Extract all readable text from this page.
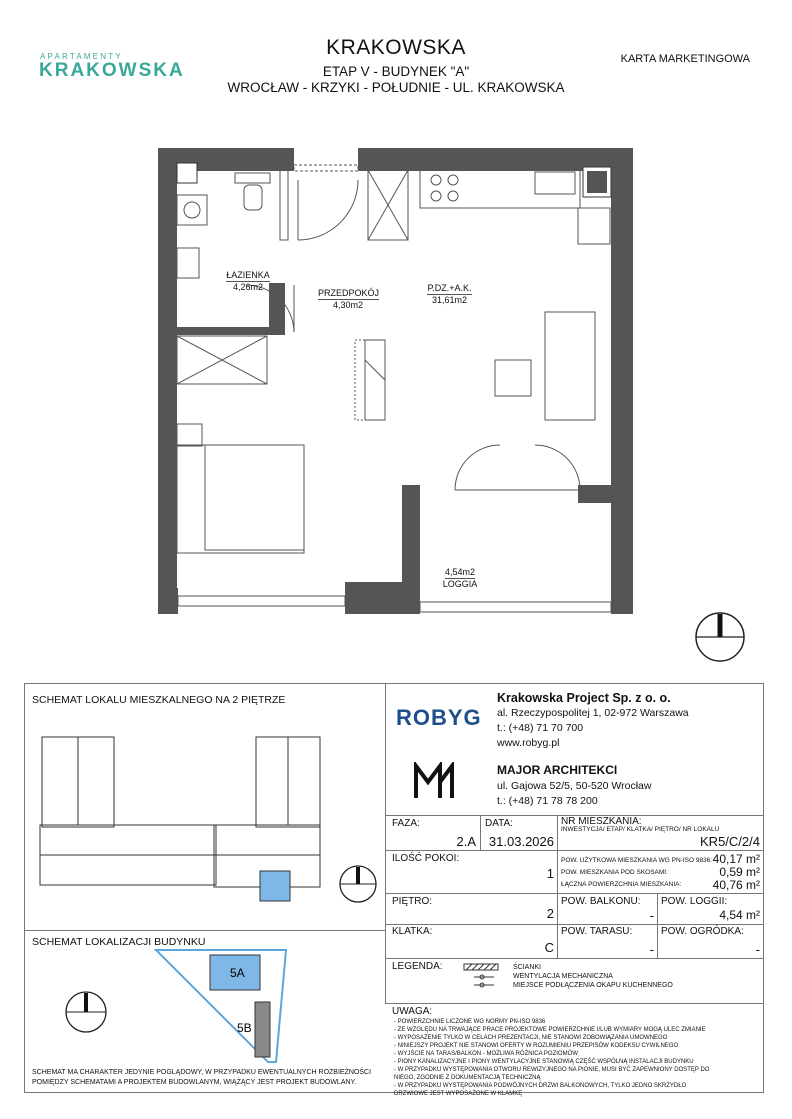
APARTAMENTY
KRAKOWSKA
KRAKOWSKA
ETAP V - BUDYNEK "A"
WROCŁAW - KRZYKI - POŁUDNIE - UL. KRAKOWSKA
KARTA MARKETINGOWA
ŁAZIENKA
4,26m2
PRZEDPOKÓJ
4,30m2
P.DZ.+A.K.
31,61m2
4,54m2
LOGGIA
SCHEMAT LOKALU MIESZKALNEGO NA 2 PIĘTRZE
SCHEMAT LOKALIZACJI BUDYNKU
5A
5B
SCHEMAT MA CHARAKTER JEDYNIE POGLĄDOWY, W PRZYPADKU EWENTUALNYCH ROZBIEŻNOŚCI POMIĘDZY SCHEMATAMI A PROJEKTEM BUDOWLANYM, WIĄŻĄCY JEST PROJEKT BUDOWLANY.
ROBYG
Krakowska Project Sp. z o. o.
al. Rzeczypospolitej 1, 02-972 Warszawa
t.: (+48) 71 70 700
www.robyg.pl
MAJOR ARCHITEKCI
ul. Gajowa 52/5, 50-520 Wrocław
t.: (+48) 71 78 78 200
FAZA:
2.A
DATA:
31.03.2026
NR MIESZKANIA:
INWESTYCJA/ ETAP/ KLATKA/ PIĘTRO/ NR LOKALU
KR5/C/2/4
ILOŚĆ POKOI:
1
POW. UŻYTKOWA MIESZKANIA WG PN-ISO 9836:
POW. MIESZKANIA POD SKOSAMI:
ŁĄCZNA POWIERZCHNIA MIESZKANIA:
40,17 m²
0,59 m²
40,76 m²
PIĘTRO:
2
POW. BALKONU:
-
POW. LOGGII:
4,54 m²
KLATKA:
C
POW. TARASU:
-
POW. OGRÓDKA:
-
LEGENDA:	ŚCIANKI
WENTYLACJA MECHANICZNA
MIEJSCE PODŁĄCZENIA OKAPU KUCHENNEGO
UWAGA:
- POWIERZCHNIE LICZONE WG NORMY PN-ISO 9836
- ZE WZGLĘDU NA TRWAJĄCE PRACE PROJEKTOWE POWIERZCHNIE I/LUB WYMIARY MOGĄ ULEC ZMIANIE
- WYPOSAŻENIE TYLKO W CELACH PREZENTACJI, NIE STANOWI ZOBOWIĄZANIA UMOWNEGO
- NINIEJSZY PROJEKT NIE STANOWI OFERTY W ROZUMIENIU PRZEPISÓW KODEKSU CYWILNEGO
- WYJŚCIE NA TARAS/BALKON - MOŻLIWA RÓŻNICA POZIOMÓW
- PIONY KANALIZACYJNE I PIONY WENTYLACYJNE STANOWIĄ CZĘŚĆ WSPÓLNĄ INSTALACJI BUDYNKU
- W PRZYPADKU WYSTĘPOWANIA OTWORU REWIZYJNEGO NA PIONIE, MUSI BYĆ ZAPEWNIONY DOSTĘP DO NIEGO, ZGODNIE Z DOKUMENTACJĄ TECHNICZNĄ
- W PRZYPADKU WYSTĘPOWANIA PODWÓJNYCH DRZWI BALKONOWYCH, TYLKO JEDNO SKRZYDŁO DRZWIOWE JEST WYPOSAŻONE W KLAMKĘ
